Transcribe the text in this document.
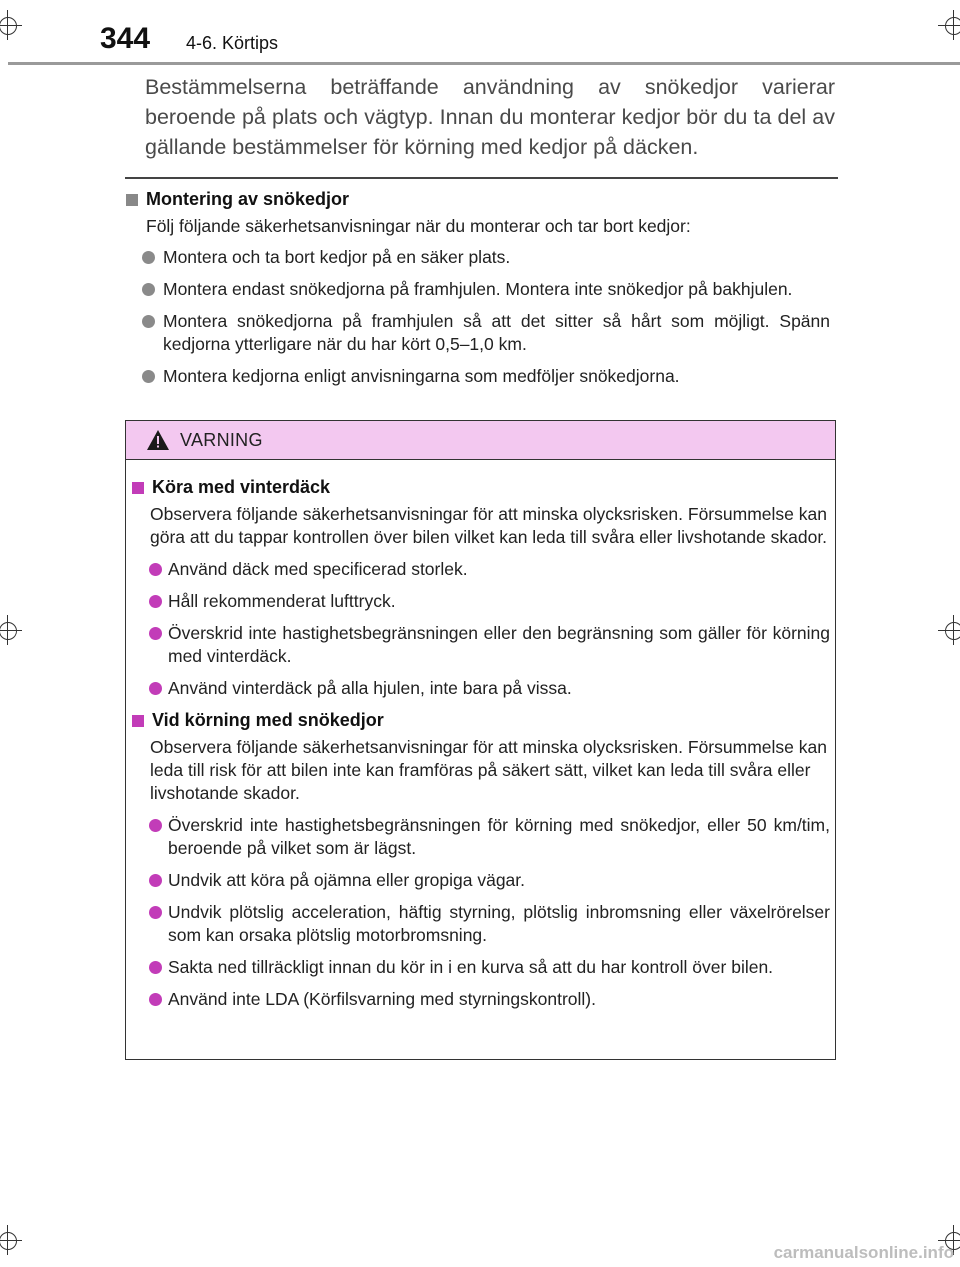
344 4-6. Körtips
Bestämmelserna beträffande användning av snökedjor varierar beroende på plats och vägtyp. Innan du monterar kedjor bör du ta del av gällande bestämmelser för körning med kedjor på däcken.
Montering av snökedjor
Följ följande säkerhetsanvisningar när du monterar och tar bort kedjor:
Montera och ta bort kedjor på en säker plats.
Montera endast snökedjorna på framhjulen. Montera inte snökedjor på bakhjulen.
Montera snökedjorna på framhjulen så att det sitter så hårt som möjligt. Spänn kedjorna ytterligare när du har kört 0,5–1,0 km.
Montera kedjorna enligt anvisningarna som medföljer snökedjorna.
VARNING
Köra med vinterdäck
Observera följande säkerhetsanvisningar för att minska olycksrisken. Försummelse kan göra att du tappar kontrollen över bilen vilket kan leda till svåra eller livshotande skador.
Använd däck med specificerad storlek.
Håll rekommenderat lufttryck.
Överskrid inte hastighetsbegränsningen eller den begränsning som gäller för körning med vinterdäck.
Använd vinterdäck på alla hjulen, inte bara på vissa.
Vid körning med snökedjor
Observera följande säkerhetsanvisningar för att minska olycksrisken. Försummelse kan leda till risk för att bilen inte kan framföras på säkert sätt, vilket kan leda till svåra eller livshotande skador.
Överskrid inte hastighetsbegränsningen för körning med snökedjor, eller 50 km/tim, beroende på vilket som är lägst.
Undvik att köra på ojämna eller gropiga vägar.
Undvik plötslig acceleration, häftig styrning, plötslig inbromsning eller växelrörelser som kan orsaka plötslig motorbromsning.
Sakta ned tillräckligt innan du kör in i en kurva så att du har kontroll över bilen.
Använd inte LDA (Körfilsvarning med styrningskontroll).
carmanualsonline.info
